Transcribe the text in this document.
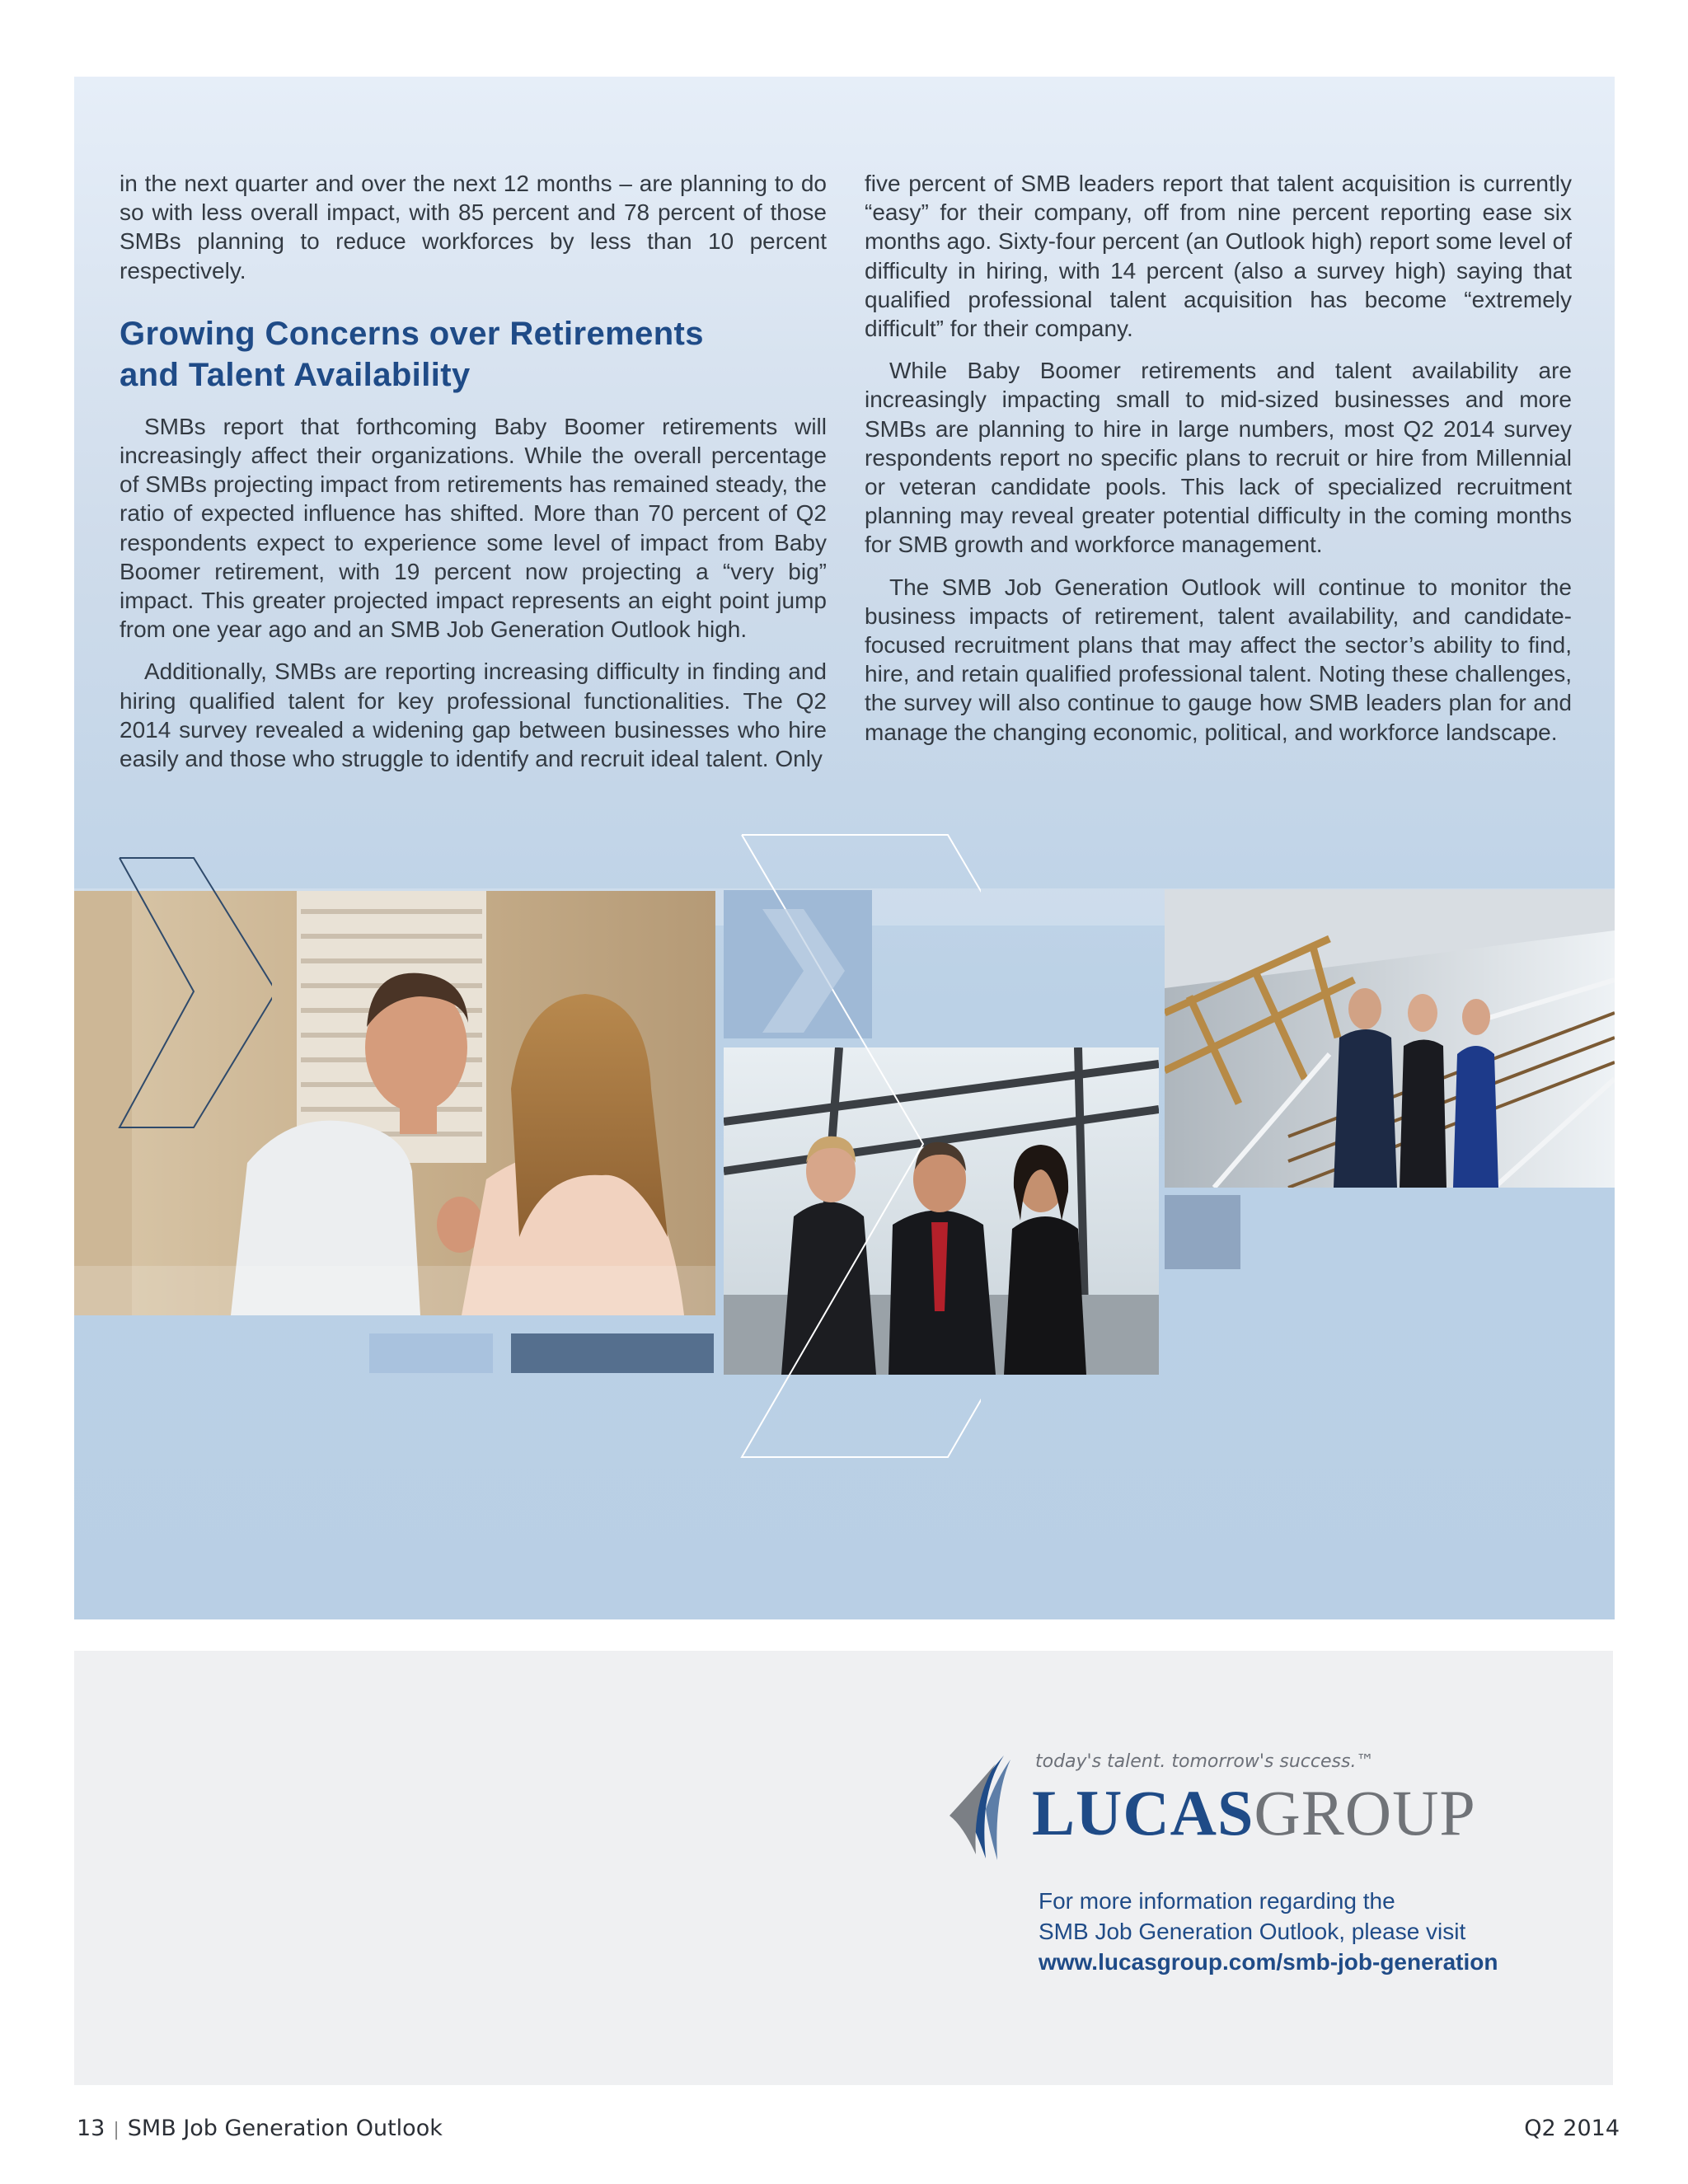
in the next quarter and over the next 12 months – are planning to do so with less overall impact, with 85 percent and 78 percent of those SMBs planning to reduce workforces by less than 10 percent respectively.

Growing Concerns over Retirements
and Talent Availability

SMBs report that forthcoming Baby Boomer retirements will increasingly affect their organizations. While the overall percentage of SMBs projecting impact from retirements has remained steady, the ratio of expected influence has shifted. More than 70 percent of Q2 respondents expect to experience some level of impact from Baby Boomer retirement, with 19 percent now projecting a “very big” impact. This greater projected impact represents an eight point jump from one year ago and an SMB Job Generation Outlook high.

Additionally, SMBs are reporting increasing difficulty in finding and hiring qualified talent for key professional functionalities. The Q2 2014 survey revealed a widening gap between businesses who hire easily and those who struggle to identify and recruit ideal talent. Only

five percent of SMB leaders report that talent acquisition is currently “easy” for their company, off from nine percent reporting ease six months ago. Sixty-four percent (an Outlook high) report some level of difficulty in hiring, with 14 percent (also a survey high) saying that qualified professional talent acquisition has become “extremely difficult” for their company.

While Baby Boomer retirements and talent availability are increasingly impacting small to mid-sized businesses and more SMBs are planning to hire in large numbers, most Q2 2014 survey respondents report no specific plans to recruit or hire from Millennial or veteran candidate pools. This lack of specialized recruitment planning may reveal greater potential difficulty in the coming months for SMB growth and workforce management.

The SMB Job Generation Outlook will continue to monitor the business impacts of retirement, talent availability, and candidate-focused recruitment plans that may affect the sector’s ability to find, hire, and retain qualified professional talent. Noting these challenges, the survey will also continue to gauge how SMB leaders plan for and manage the changing economic, political, and workforce landscape.

today's talent. tomorrow's success.™
LUCASGROUP
For more information regarding the
SMB Job Generation Outlook, please visit
www.lucasgroup.com/smb-job-generation
13 | SMB Job Generation Outlook	Q2 2014
